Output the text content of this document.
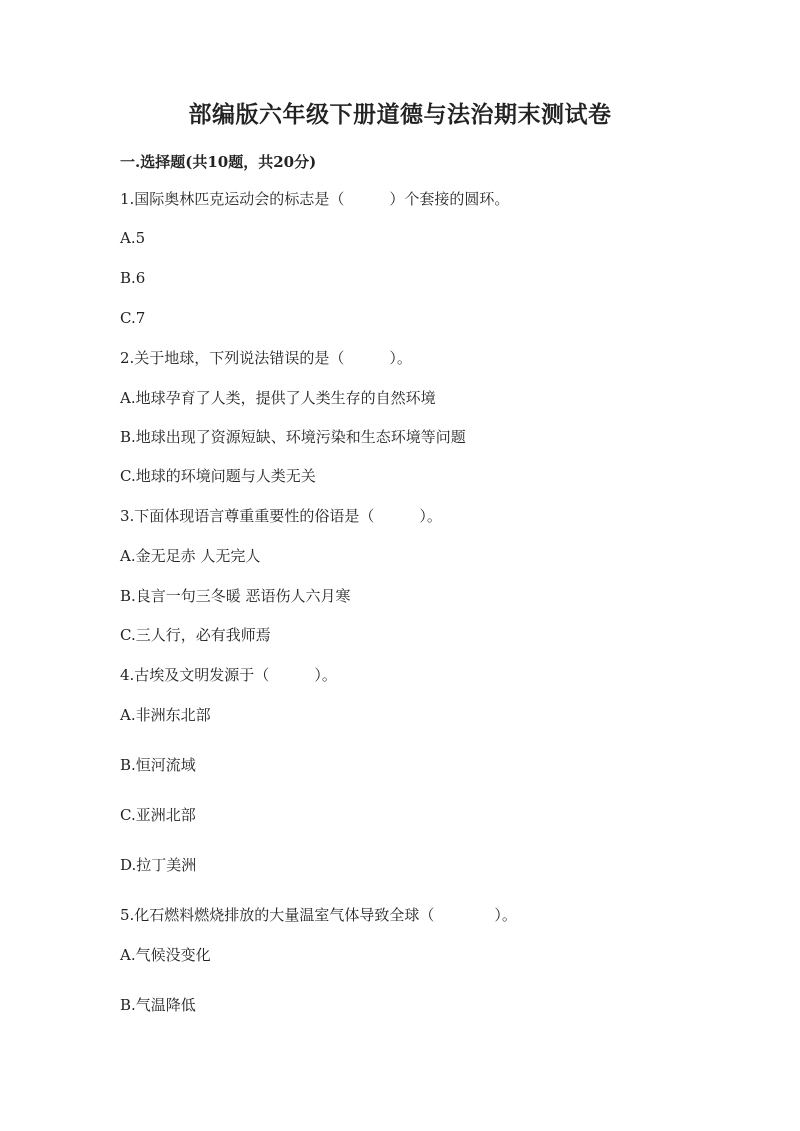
部编版六年级下册道德与法治期末测试卷
一.选择题(共10题，共20分)
1.国际奥林匹克运动会的标志是（　　　）个套接的圆环。
A.5
B.6
C.7
2.关于地球，下列说法错误的是（　　　）。
A.地球孕育了人类，提供了人类生存的自然环境
B.地球出现了资源短缺、环境污染和生态环境等问题
C.地球的环境问题与人类无关
3.下面体现语言尊重重要性的俗语是（　　　）。
A.金无足赤 人无完人
B.良言一句三冬暖 恶语伤人六月寒
C.三人行，必有我师焉
4.古埃及文明发源于（　　　）。
A.非洲东北部
B.恒河流域
C.亚洲北部
D.拉丁美洲
5.化石燃料燃烧排放的大量温室气体导致全球（　　　　）。
A.气候没变化
B.气温降低
